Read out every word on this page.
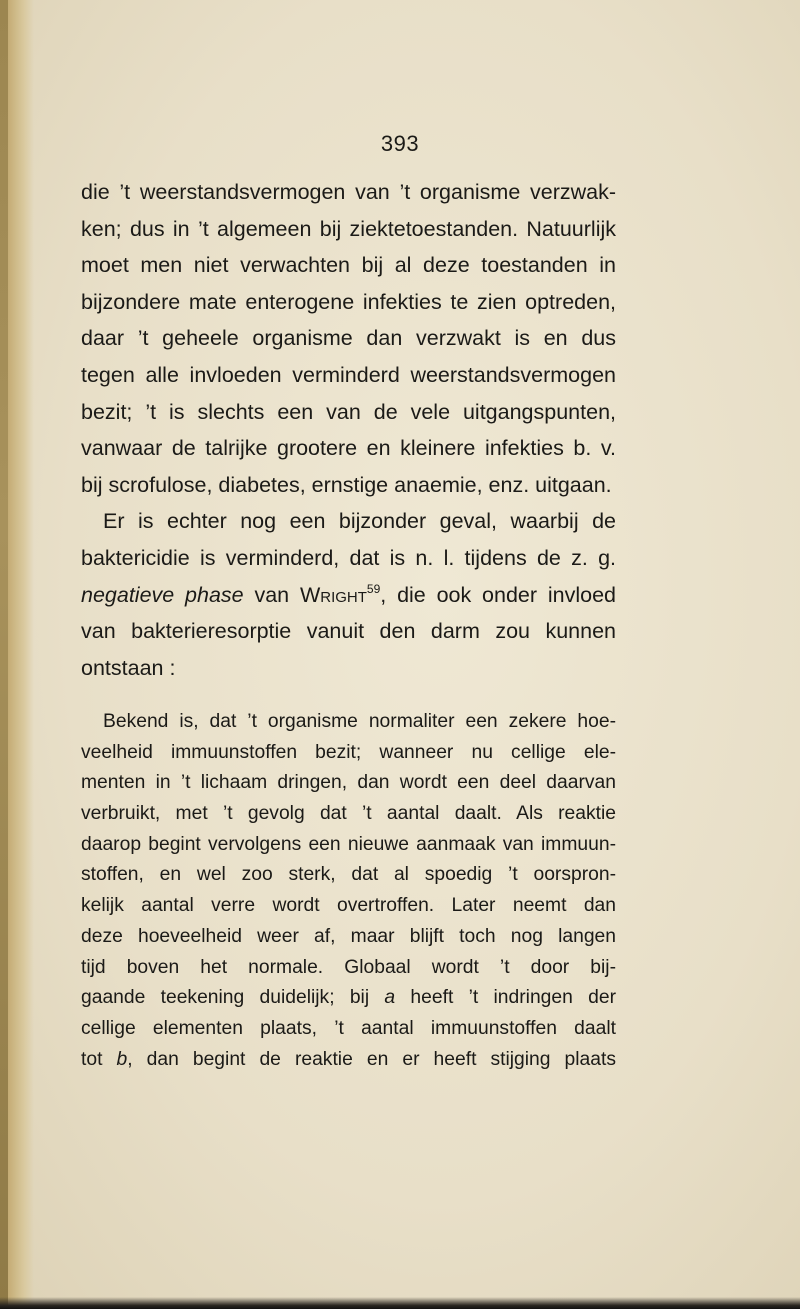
393
die ’t weerstandsvermogen van ’t organisme verzwak-
ken; dus in ’t algemeen bij ziektetoestanden. Natuurlijk
moet men niet verwachten bij al deze toestanden in
bijzondere mate enterogene infekties te zien optreden,
daar ’t geheele organisme dan verzwakt is en dus
tegen alle invloeden verminderd weerstandsvermogen
bezit; ’t is slechts een van de vele uitgangspunten,
vanwaar de talrijke grootere en kleinere infekties b. v.
bij scrofulose, diabetes, ernstige anaemie, enz. uitgaan.
Er is echter nog een bijzonder geval, waarbij de
baktericidie is verminderd, dat is n. l. tijdens de z. g.
negatieve phase van Wright$^{59}$, die ook onder invloed
van bakterieresorptie vanuit den darm zou kunnen
ontstaan :
Bekend is, dat ’t organisme normaliter een zekere hoe-
veelheid immuunstoffen bezit; wanneer nu cellige ele-
menten in ’t lichaam dringen, dan wordt een deel daarvan
verbruikt, met ’t gevolg dat ’t aantal daalt. Als reaktie
daarop begint vervolgens een nieuwe aanmaak van immuun-
stoffen, en wel zoo sterk, dat al spoedig ’t oorspron-
kelijk aantal verre wordt overtroffen. Later neemt dan
deze hoeveelheid weer af, maar blijft toch nog langen
tijd boven het normale. Globaal wordt ’t door bij-
gaande teekening duidelijk; bij a heeft ’t indringen der
cellige elementen plaats, ’t aantal immuunstoffen daalt
tot b, dan begint de reaktie en er heeft stijging plaats
